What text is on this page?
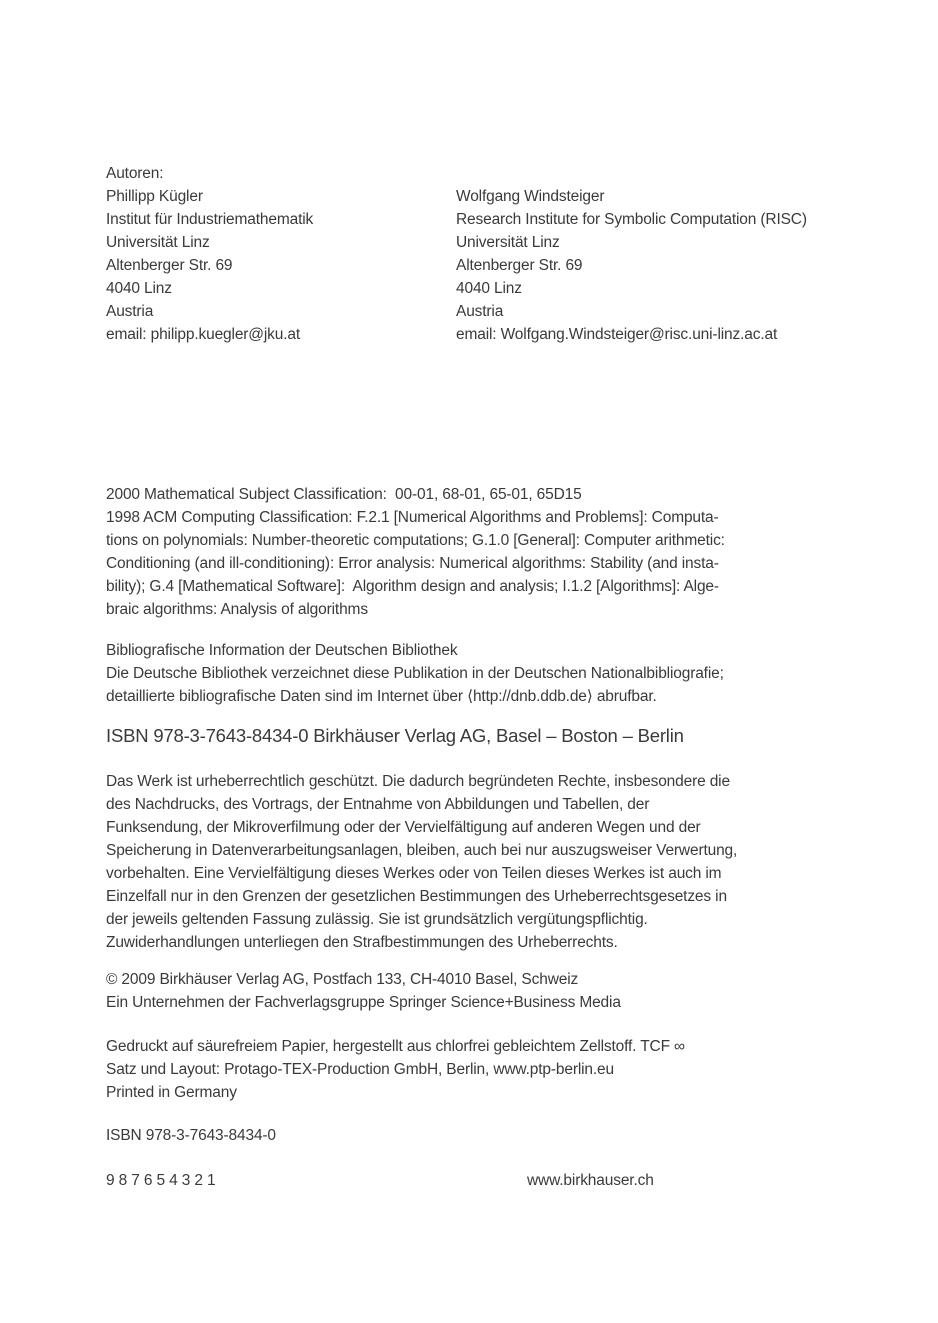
Autoren:
Phillipp Kügler
Institut für Industriemathematik
Universität Linz
Altenberger Str. 69
4040 Linz
Austria
email: philipp.kuegler@jku.at
Wolfgang Windsteiger
Research Institute for Symbolic Computation (RISC)
Universität Linz
Altenberger Str. 69
4040 Linz
Austria
email: Wolfgang.Windsteiger@risc.uni-linz.ac.at
2000 Mathematical Subject Classification:  00-01, 68-01, 65-01, 65D15
1998 ACM Computing Classification: F.2.1 [Numerical Algorithms and Problems]: Computa-
tions on polynomials: Number-theoretic computations; G.1.0 [General]: Computer arithmetic:
Conditioning (and ill-conditioning): Error analysis: Numerical algorithms: Stability (and insta-
bility); G.4 [Mathematical Software]:  Algorithm design and analysis; I.1.2 [Algorithms]: Alge-
braic algorithms: Analysis of algorithms
Bibliografische Information der Deutschen Bibliothek
Die Deutsche Bibliothek verzeichnet diese Publikation in der Deutschen Nationalbibliografie;
detaillierte bibliografische Daten sind im Internet über ⟨http://dnb.ddb.de⟩ abrufbar.
ISBN 978-3-7643-8434-0 Birkhäuser Verlag AG, Basel – Boston – Berlin
Das Werk ist urheberrechtlich geschützt. Die dadurch begründeten Rechte, insbesondere die
des Nachdrucks, des Vortrags, der Entnahme von Abbildungen und Tabellen, der
Funksendung, der Mikroverfilmung oder der Vervielfältigung auf anderen Wegen und der
Speicherung in Datenverarbeitungsanlagen, bleiben, auch bei nur auszugsweiser Verwertung,
vorbehalten. Eine Vervielfältigung dieses Werkes oder von Teilen dieses Werkes ist auch im
Einzelfall nur in den Grenzen der gesetzlichen Bestimmungen des Urheberrechtsgesetzes in
der jeweils geltenden Fassung zulässig. Sie ist grundsätzlich vergütungspflichtig.
Zuwiderhandlungen unterliegen den Strafbestimmungen des Urheberrechts.
© 2009 Birkhäuser Verlag AG, Postfach 133, CH-4010 Basel, Schweiz
Ein Unternehmen der Fachverlagsgruppe Springer Science+Business Media
Gedruckt auf säurefreiem Papier, hergestellt aus chlorfrei gebleichtem Zellstoff. TCF ∞
Satz und Layout: Protago-TEX-Production GmbH, Berlin, www.ptp-berlin.eu
Printed in Germany
ISBN 978-3-7643-8434-0
9 8 7 6 5 4 3 2 1	www.birkhauser.ch
